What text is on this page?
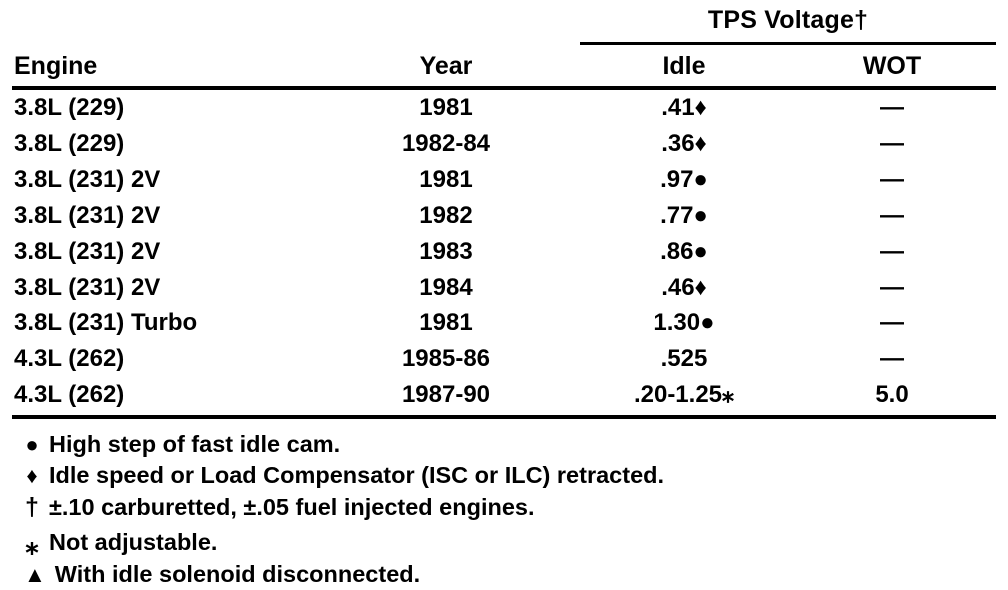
		TPS Voltage†	

Engine	Year	Idle	WOT

3.8L (229)	1981	.41♦	—
3.8L (229)	1982-84	.36♦	—
3.8L (231) 2V	1981	.97●	—
3.8L (231) 2V	1982	.77●	—
3.8L (231) 2V	1983	.86●	—
3.8L (231) 2V	1984	.46♦	—
3.8L (231) Turbo	1981	1.30●	—
4.3L (262)	1985-86	.525	—
4.3L (262)	1987-90	.20-1.25⁎	5.0
● High step of fast idle cam.
♦ Idle speed or Load Compensator (ISC or ILC) retracted.
† ±.10 carburetted, ±.05 fuel injected engines.
⁎ Not adjustable.
▲ With idle solenoid disconnected.
